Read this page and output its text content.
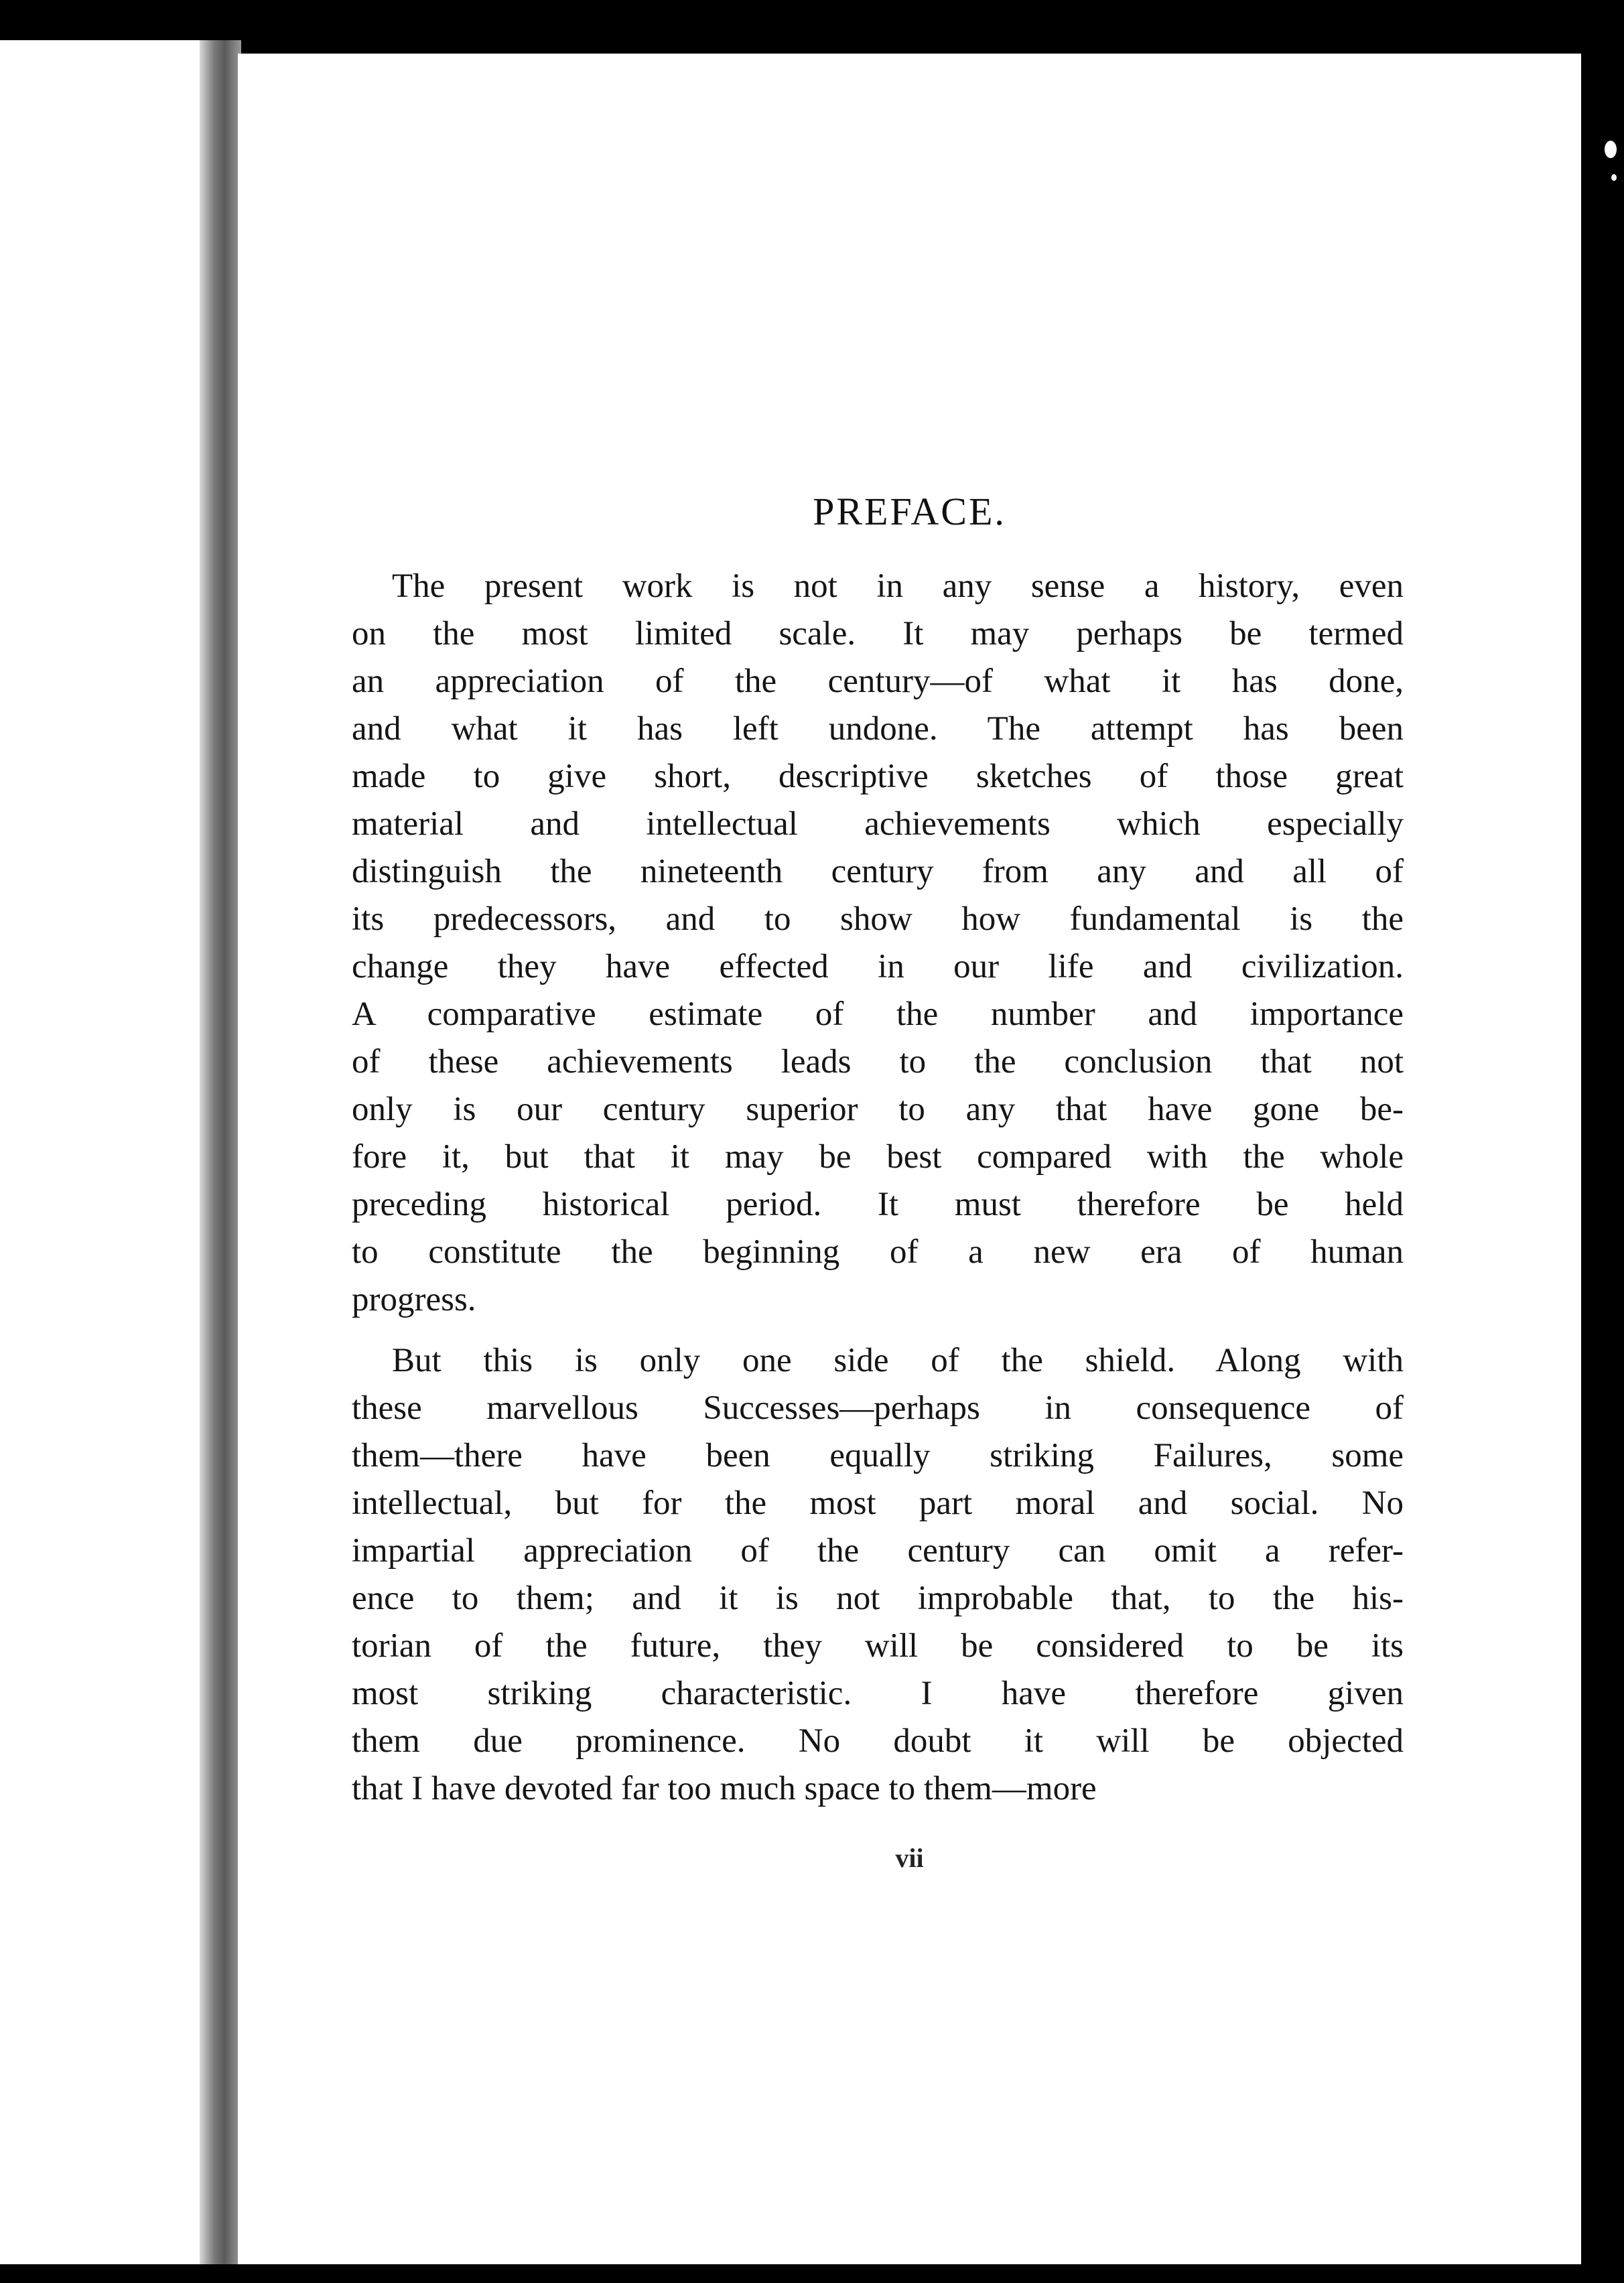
PREFACE.
The present work is not in any sense a history, even
on the most limited scale. It may perhaps be termed
an appreciation of the century—of what it has done,
and what it has left undone. The attempt has been
made to give short, descriptive sketches of those great
material and intellectual achievements which especially
distinguish the nineteenth century from any and all of
its predecessors, and to show how fundamental is the
change they have effected in our life and civilization.
A comparative estimate of the number and importance
of these achievements leads to the conclusion that not
only is our century superior to any that have gone be-
fore it, but that it may be best compared with the whole
preceding historical period. It must therefore be held
to constitute the beginning of a new era of human
progress.
But this is only one side of the shield. Along with
these marvellous Successes—perhaps in consequence of
them—there have been equally striking Failures, some
intellectual, but for the most part moral and social. No
impartial appreciation of the century can omit a refer-
ence to them; and it is not improbable that, to the his-
torian of the future, they will be considered to be its
most striking characteristic. I have therefore given
them due prominence. No doubt it will be objected
that I have devoted far too much space to them—more
vii
